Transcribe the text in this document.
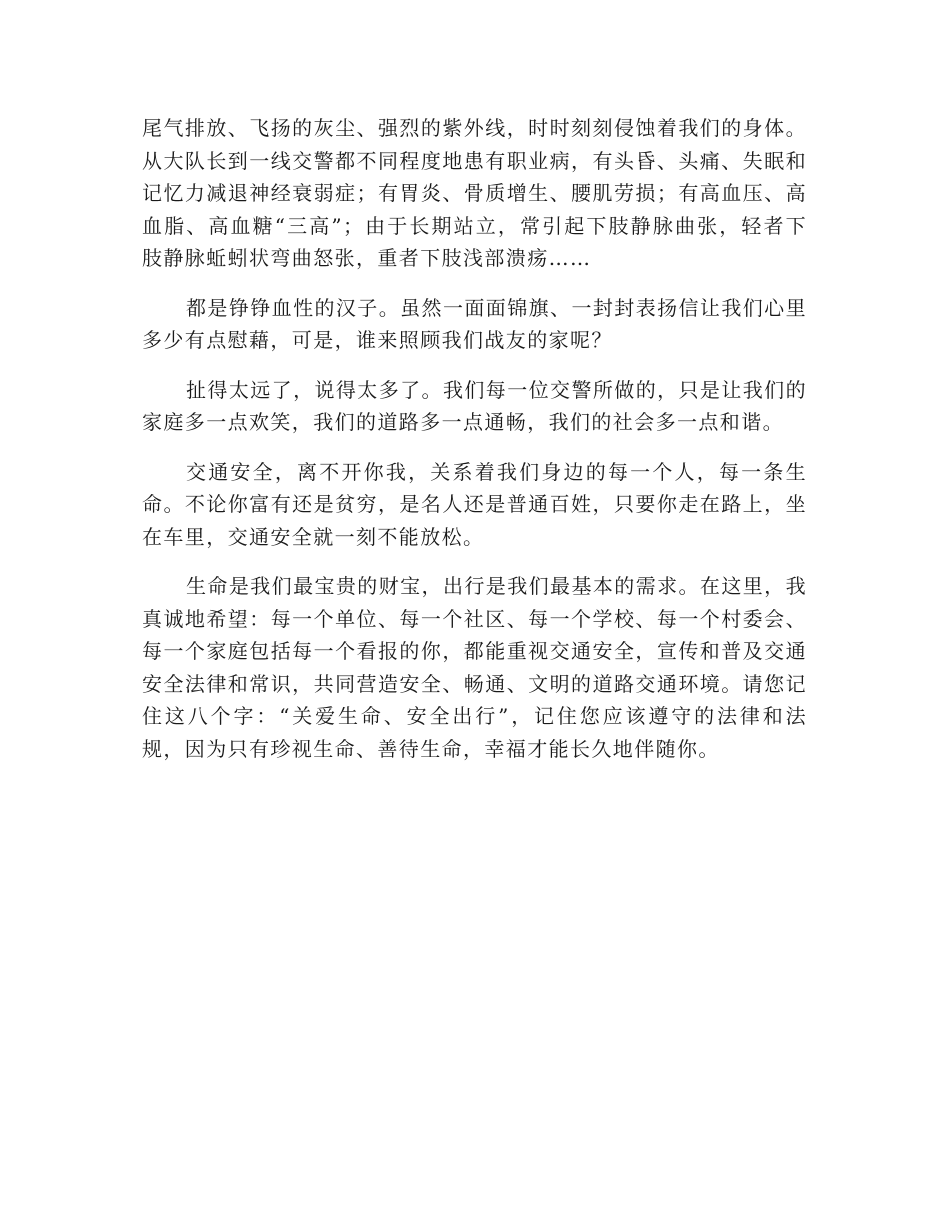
尾气排放、飞扬的灰尘、强烈的紫外线，时时刻刻侵蚀着我们的身体。从大队长到一线交警都不同程度地患有职业病，有头昏、头痛、失眠和记忆力减退神经衰弱症；有胃炎、骨质增生、腰肌劳损；有高血压、高血脂、高血糖“三高”；由于长期站立，常引起下肢静脉曲张，轻者下肢静脉蚯蚓状弯曲怒张，重者下肢浅部溃疡……

都是铮铮血性的汉子。虽然一面面锦旗、一封封表扬信让我们心里多少有点慰藉，可是，谁来照顾我们战友的家呢？

扯得太远了，说得太多了。我们每一位交警所做的，只是让我们的家庭多一点欢笑，我们的道路多一点通畅，我们的社会多一点和谐。

交通安全，离不开你我，关系着我们身边的每一个人，每一条生命。不论你富有还是贫穷，是名人还是普通百姓，只要你走在路上，坐在车里，交通安全就一刻不能放松。

生命是我们最宝贵的财宝，出行是我们最基本的需求。在这里，我真诚地希望：每一个单位、每一个社区、每一个学校、每一个村委会、每一个家庭包括每一个看报的你，都能重视交通安全，宣传和普及交通安全法律和常识，共同营造安全、畅通、文明的道路交通环境。请您记住这八个字：“关爱生命、安全出行”，记住您应该遵守的法律和法规，因为只有珍视生命、善待生命，幸福才能长久地伴随你。
